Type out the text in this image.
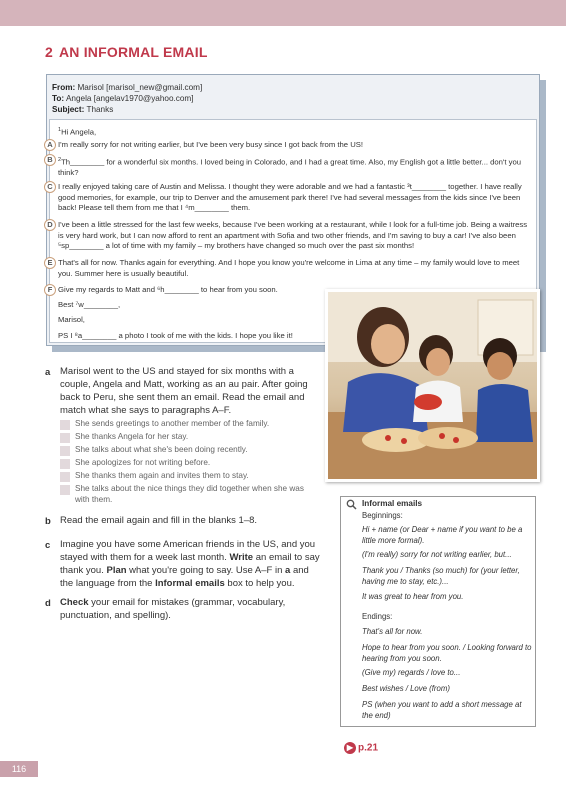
2 AN INFORMAL EMAIL
From: Marisol [marisol_new@gmail.com]
To: Angela [angelav1970@yahoo.com]
Subject: Thanks
$^1$Hi Angela,
A I'm really sorry for not writing earlier, but I've been very busy since I got back from the US!
B $^2$Th________ for a wonderful six months. I loved being in Colorado, and I had a great time. Also, my English got a little better... don't you think?
C I really enjoyed taking care of Austin and Melissa. I thought they were adorable and we had a fantastic ³t________ together. I have really good memories, for example, our trip to Denver and the amusement park there! I've had several messages from the kids since I've been back! Please tell them from me that I ⁴m________ them.
D I've been a little stressed for the last few weeks, because I've been working at a restaurant, while I look for a full-time job. Being a waitress is very hard work, but I can now afford to rent an apartment with Sofia and two other friends, and I'm saving to buy a car! I've also been ⁵sp________ a lot of time with my family – my brothers have changed so much over the past six months!
E That's all for now. Thanks again for everything. And I hope you know you're welcome in Lima at any time – my family would love to meet you. Summer here is usually beautiful.
F Give my regards to Matt and ⁶h________ to hear from you soon.
Best ⁷w________,
Marisol,
PS I ⁸a________ a photo I took of me with the kids. I hope you like it!
a Marisol went to the US and stayed for six months with a couple, Angela and Matt, working as an au pair. After going back to Peru, she sent them an email. Read the email and match what she says to paragraphs A–F.
She sends greetings to another member of the family.
She thanks Angela for her stay.
She talks about what she's been doing recently.
She apologizes for not writing before.
She thanks them again and invites them to stay.
She talks about the nice things they did together when she was with them.
b Read the email again and fill in the blanks 1–8.
c Imagine you have some American friends in the US, and you stayed with them for a week last month. Write an email to say thank you. Plan what you're going to say. Use A–F in a and the language from the Informal emails box to help you.
d Check your email for mistakes (grammar, vocabulary, punctuation, and spelling).
Informal emails
Beginnings:
Hi + name (or Dear + name if you want to be a little more formal).
(I'm really) sorry for not writing earlier, but...
Thank you / Thanks (so much) for (your letter, having me to stay, etc.)...
It was great to hear from you.
Endings:
That's all for now.
Hope to hear from you soon. / Looking forward to hearing from you soon.
(Give my) regards / love to...
Best wishes / Love (from)
PS (when you want to add a short message at the end)
▶ p.21
116
